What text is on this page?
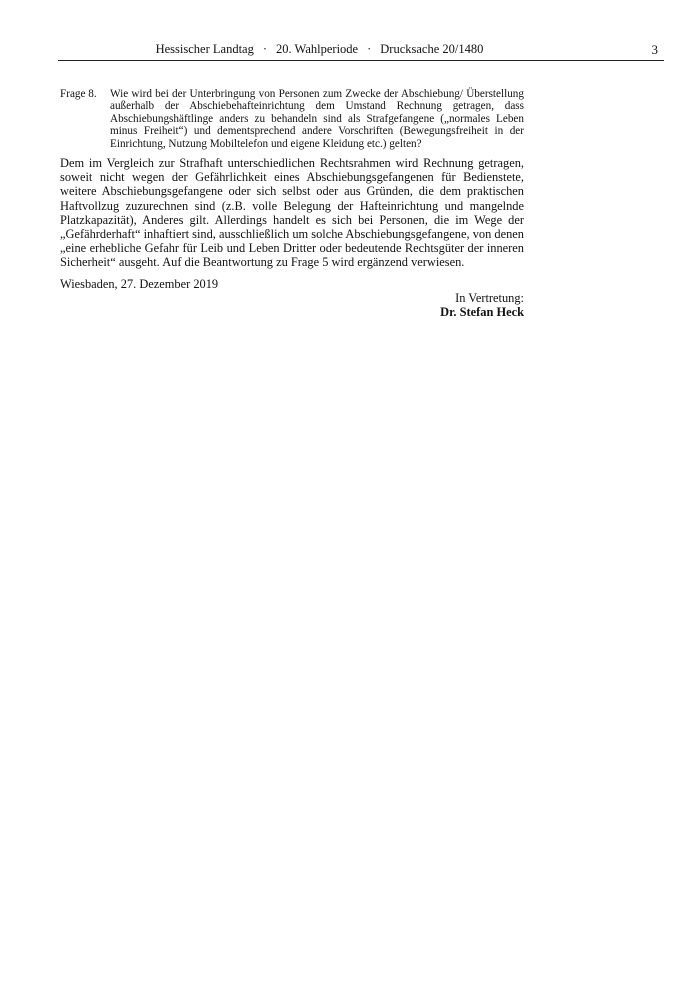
Hessischer Landtag · 20. Wahlperiode · Drucksache 20/1480	3
Frage 8.	Wie wird bei der Unterbringung von Personen zum Zwecke der Abschiebung/ Überstellung außerhalb der Abschiebehafteinrichtung dem Umstand Rechnung getragen, dass Abschiebungshäftlinge anders zu behandeln sind als Strafgefangene („normales Leben minus Freiheit“) und dementsprechend andere Vorschriften (Bewegungsfreiheit in der Einrichtung, Nutzung Mobiltelefon und eigene Kleidung etc.) gelten?

Dem im Vergleich zur Strafhaft unterschiedlichen Rechtsrahmen wird Rechnung getragen, soweit nicht wegen der Gefährlichkeit eines Abschiebungsgefangenen für Bedienstete, weitere Abschiebungsgefangene oder sich selbst oder aus Gründen, die dem praktischen Haftvollzug zuzurechnen sind (z.B. volle Belegung der Hafteinrichtung und mangelnde Platzkapazität), Anderes gilt. Allerdings handelt es sich bei Personen, die im Wege der „Gefährderhaft“ inhaftiert sind, ausschließlich um solche Abschiebungsgefangene, von denen „eine erhebliche Gefahr für Leib und Leben Dritter oder bedeutende Rechtsgüter der inneren Sicherheit“ ausgeht. Auf die Beantwortung zu Frage 5 wird ergänzend verwiesen.

Wiesbaden, 27. Dezember 2019
In Vertretung:
Dr. Stefan Heck
